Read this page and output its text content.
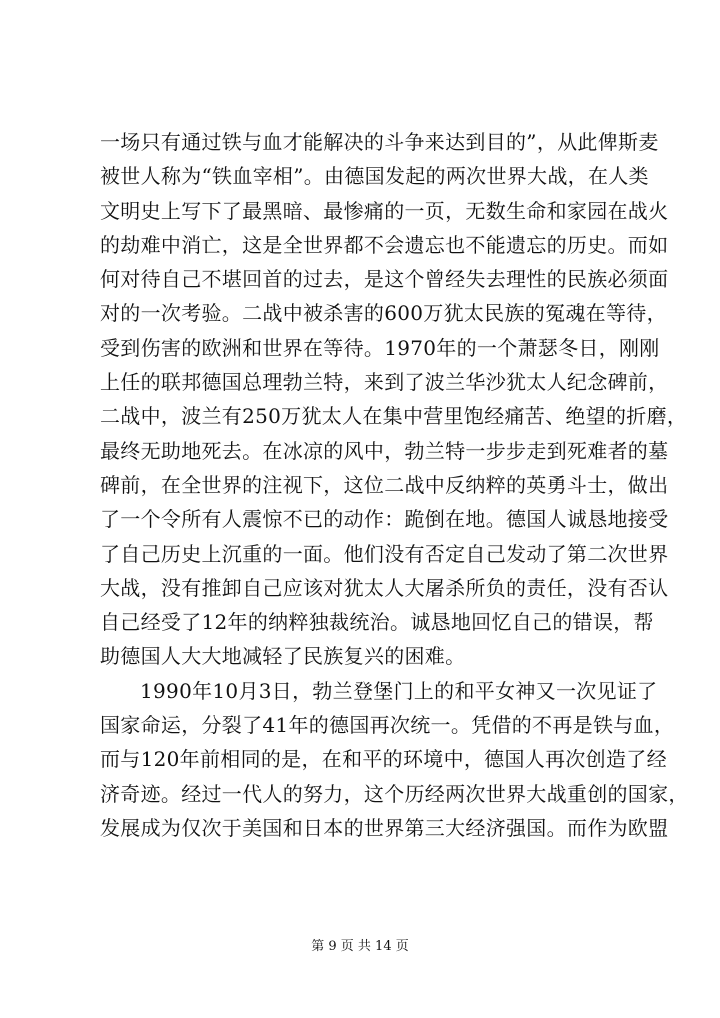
一场只有通过铁与血才能解决的斗争来达到目的”，从此俾斯麦
被世人称为“铁血宰相”。由德国发起的两次世界大战，在人类
文明史上写下了最黑暗、最惨痛的一页，无数生命和家园在战火
的劫难中消亡，这是全世界都不会遗忘也不能遗忘的历史。而如
何对待自己不堪回首的过去，是这个曾经失去理性的民族必须面
对的一次考验。二战中被杀害的600万犹太民族的冤魂在等待，
受到伤害的欧洲和世界在等待。1970年的一个萧瑟冬日，刚刚
上任的联邦德国总理勃兰特，来到了波兰华沙犹太人纪念碑前，
二战中，波兰有250万犹太人在集中营里饱经痛苦、绝望的折磨，
最终无助地死去。在冰凉的风中，勃兰特一步步走到死难者的墓
碑前，在全世界的注视下，这位二战中反纳粹的英勇斗士，做出
了一个令所有人震惊不已的动作：跪倒在地。德国人诚恳地接受
了自己历史上沉重的一面。他们没有否定自己发动了第二次世界
大战，没有推卸自己应该对犹太人大屠杀所负的责任，没有否认
自己经受了12年的纳粹独裁统治。诚恳地回忆自己的错误，帮
助德国人大大地减轻了民族复兴的困难。
1990年10月3日，勃兰登堡门上的和平女神又一次见证了
国家命运，分裂了41年的德国再次统一。凭借的不再是铁与血，
而与120年前相同的是，在和平的环境中，德国人再次创造了经
济奇迹。经过一代人的努力，这个历经两次世界大战重创的国家，
发展成为仅次于美国和日本的世界第三大经济强国。而作为欧盟
第 9 页 共 14 页
